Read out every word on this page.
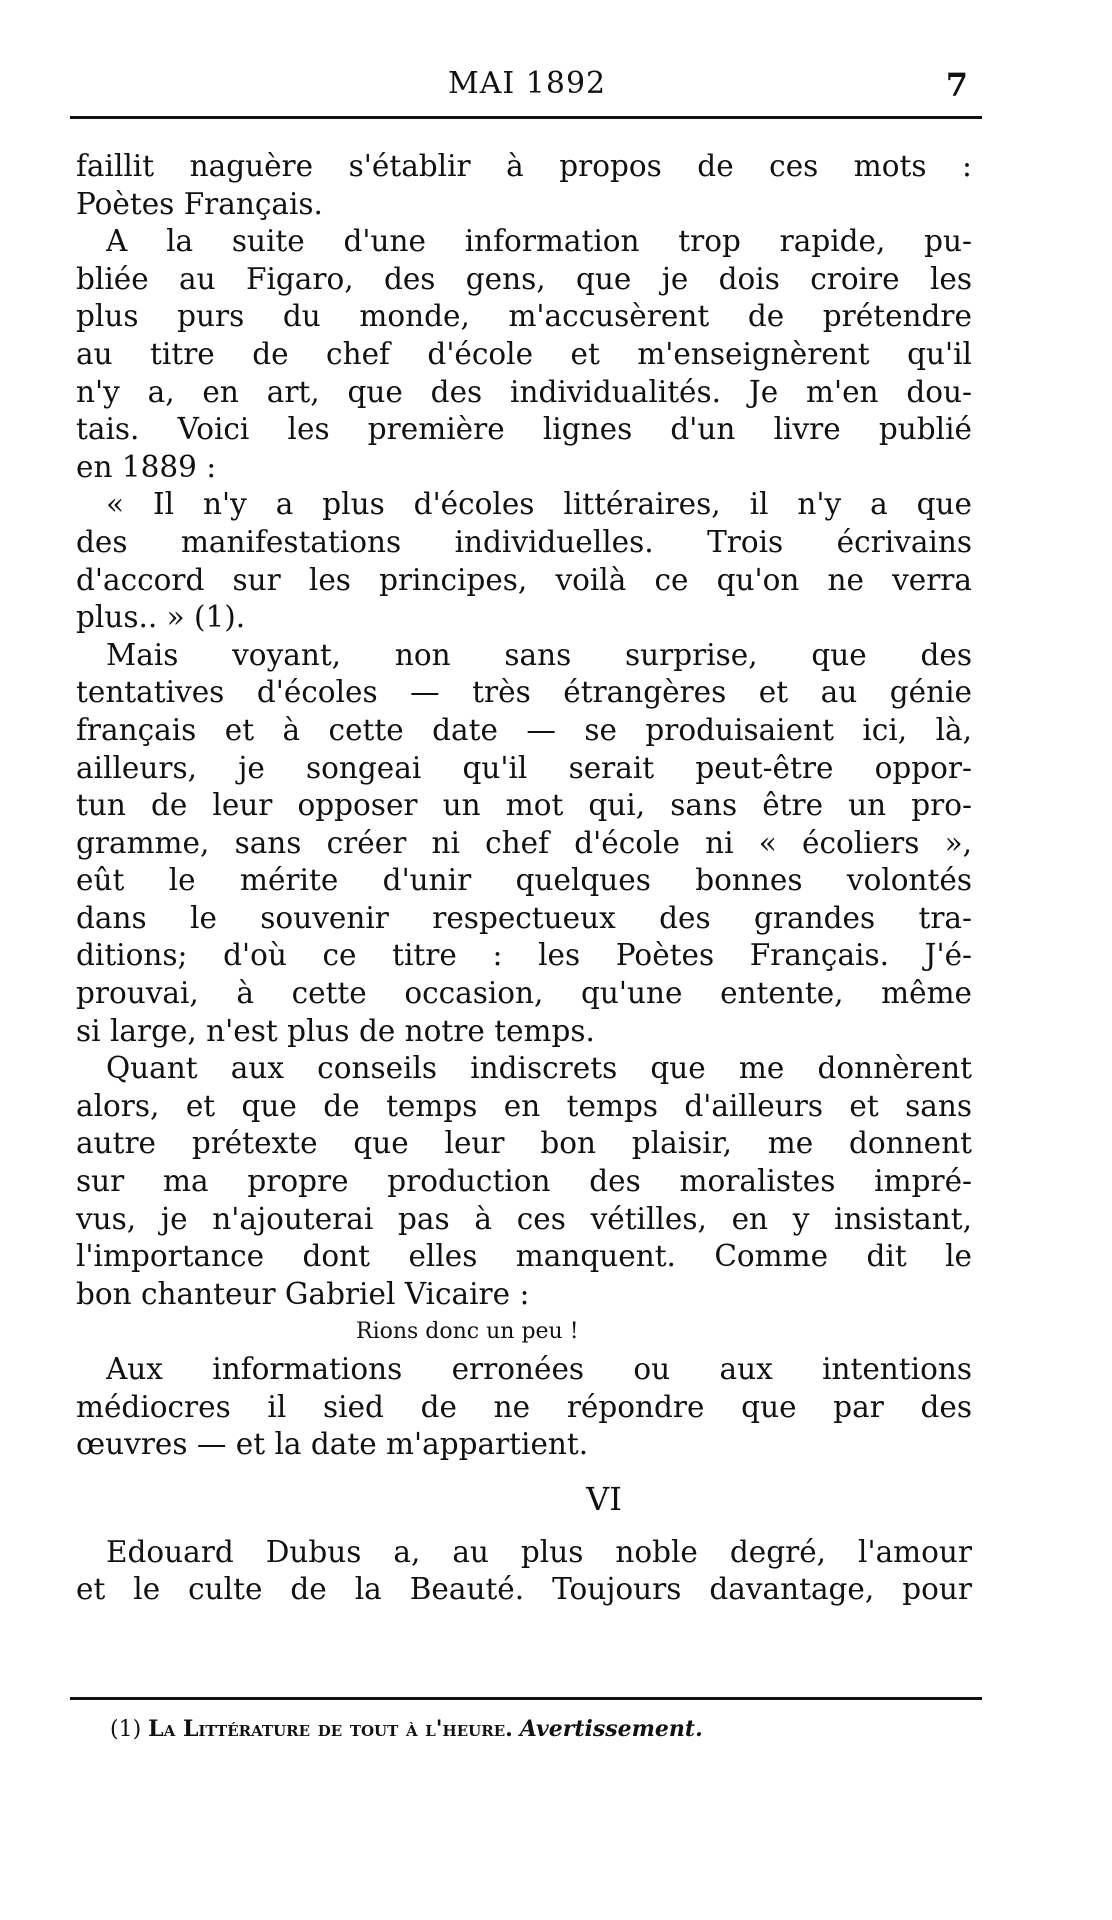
MAI 1892	7
faillit naguère s'établir à propos de ces mots :
Poètes Français.
A la suite d'une information trop rapide, pu-
bliée au Figaro, des gens, que je dois croire les
plus purs du monde, m'accusèrent de prétendre
au titre de chef d'école et m'enseignèrent qu'il
n'y a, en art, que des individualités. Je m'en dou-
tais. Voici les première lignes d'un livre publié
en 1889 :
« Il n'y a plus d'écoles littéraires, il n'y a que
des manifestations individuelles. Trois écrivains
d'accord sur les principes, voilà ce qu'on ne verra
plus.. » (1).
Mais voyant, non sans surprise, que des
tentatives d'écoles — très étrangères et au génie
français et à cette date — se produisaient ici, là,
ailleurs, je songeai qu'il serait peut-être oppor-
tun de leur opposer un mot qui, sans être un pro-
gramme, sans créer ni chef d'école ni « écoliers »,
eût le mérite d'unir quelques bonnes volontés
dans le souvenir respectueux des grandes tra-
ditions; d'où ce titre : les Poètes Français. J'é-
prouvai, à cette occasion, qu'une entente, même
si large, n'est plus de notre temps.
Quant aux conseils indiscrets que me donnèrent
alors, et que de temps en temps d'ailleurs et sans
autre prétexte que leur bon plaisir, me donnent
sur ma propre production des moralistes impré-
vus, je n'ajouterai pas à ces vétilles, en y insistant,
l'importance dont elles manquent. Comme dit le
bon chanteur Gabriel Vicaire :
Rions donc un peu !
Aux informations erronées ou aux intentions
médiocres il sied de ne répondre que par des
œuvres — et la date m'appartient.
VI
Edouard Dubus a, au plus noble degré, l'amour
et le culte de la Beauté. Toujours davantage, pour
(1) La Littérature de tout à l'heure. Avertissement.
